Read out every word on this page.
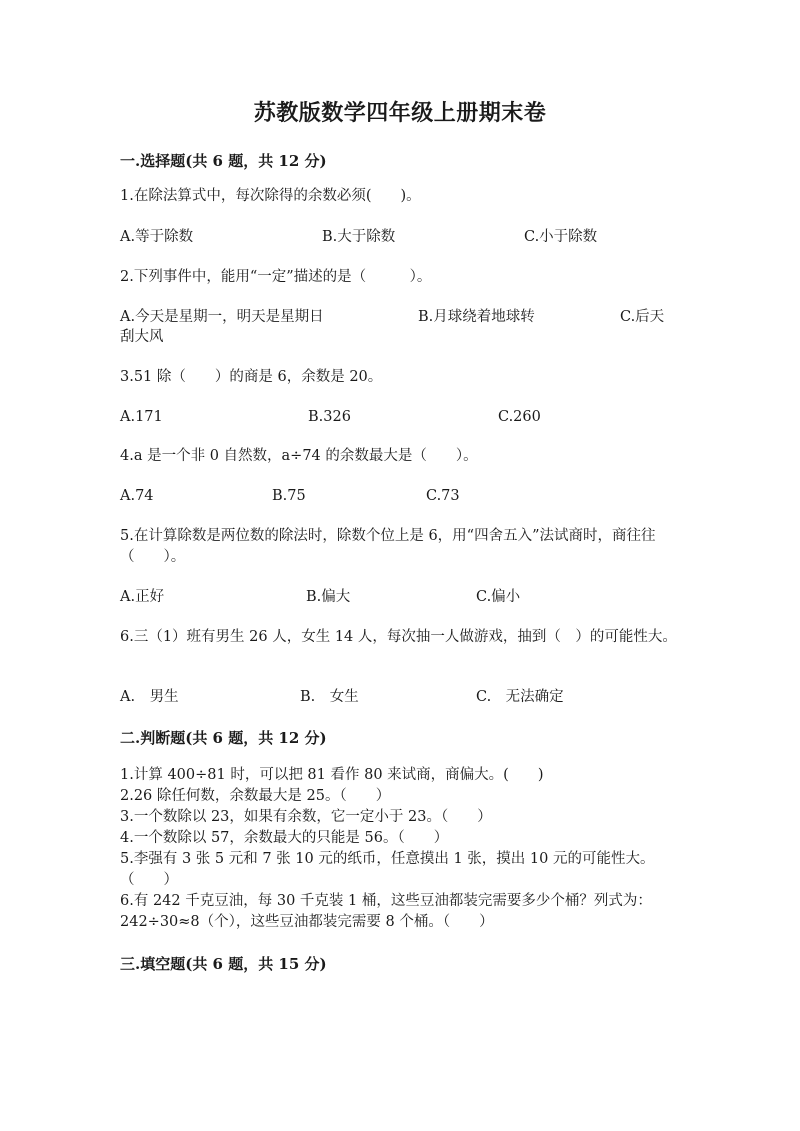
苏教版数学四年级上册期末卷
一.选择题(共 6 题，共 12 分)
1.在除法算式中，每次除得的余数必须(　　)。
A.等于除数	B.大于除数	C.小于除数
2.下列事件中，能用“一定”描述的是（　　　）。
A.今天是星期一，明天是星期日	B.月球绕着地球转	C.后天
刮大风
3.51 除（　　）的商是 6，余数是 20。
A.171	B.326	C.260
4.a 是一个非 0 自然数，a÷74 的余数最大是（　　）。
A.74	B.75	C.73
5.在计算除数是两位数的除法时，除数个位上是 6，用“四舍五入”法试商时，商往往（　　）。
A.正好	B.偏大	C.偏小
6.三（1）班有男生 26 人，女生 14 人，每次抽一人做游戏，抽到（　）的可能性大。
A.　男生	B.　女生	C.　无法确定
二.判断题(共 6 题，共 12 分)
1.计算 400÷81 时，可以把 81 看作 80 来试商，商偏大。(　　)
2.26 除任何数，余数最大是 25。（　　）
3.一个数除以 23，如果有余数，它一定小于 23。（　　）
4.一个数除以 57，余数最大的只能是 56。（　　）
5.李强有 3 张 5 元和 7 张 10 元的纸币，任意摸出 1 张，摸出 10 元的可能性大。　　（　　）
6.有 242 千克豆油，每 30 千克装 1 桶，这些豆油都装完需要多少个桶？列式为：242÷30≈8（个），这些豆油都装完需要 8 个桶。（　　）
三.填空题(共 6 题，共 15 分)
